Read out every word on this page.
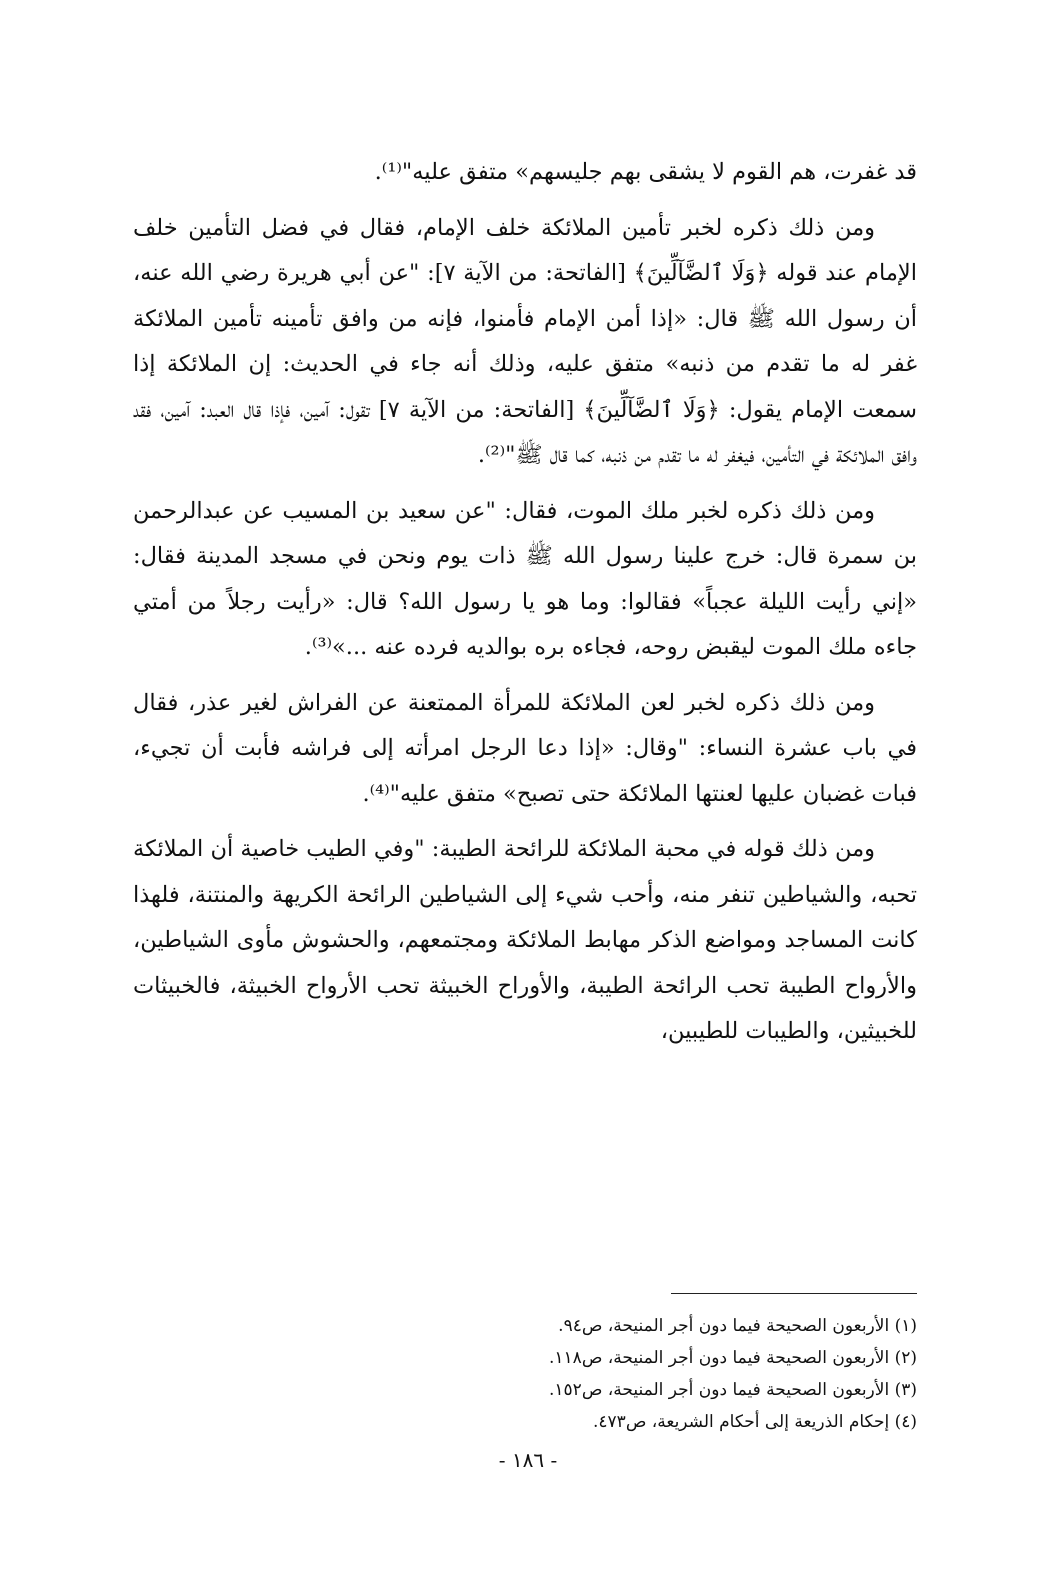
قد غفرت، هم القوم لا يشقى بهم جليسهم» متفق عليه"⁽¹⁾.

ومن ذلك ذكره لخبر تأمين الملائكة خلف الإمام، فقال في فضل التأمين خلف الإمام عند قوله ﴿وَلَا ٱلضَّآلِّينَ﴾ [الفاتحة: من الآية ٧]: "عن أبي هريرة رضي الله عنه، أن رسول الله ﷺ قال: «إذا أمن الإمام فأمنوا، فإنه من وافق تأمينه تأمين الملائكة غفر له ما تقدم من ذنبه» متفق عليه، وذلك أنه جاء في الحديث: إن الملائكة إذا سمعت الإمام يقول: ﴿وَلَا ٱلضَّآلِّينَ﴾ [الفاتحة: من الآية ٧] تقول: آمين، فإذا قال العبد: آمين، فقد وافق الملائكة في التأمين، فيغفر له ما تقدم من ذنبه، كما قال ﷺ"⁽²⁾.

ومن ذلك ذكره لخبر ملك الموت، فقال: "عن سعيد بن المسيب عن عبدالرحمن بن سمرة قال: خرج علينا رسول الله ﷺ ذات يوم ونحن في مسجد المدينة فقال: «إني رأيت الليلة عجباً» فقالوا: وما هو يا رسول الله؟ قال: «رأيت رجلاً من أمتي جاءه ملك الموت ليقبض روحه، فجاءه بره بوالديه فرده عنه ...»⁽³⁾.

ومن ذلك ذكره لخبر لعن الملائكة للمرأة الممتعنة عن الفراش لغير عذر، فقال في باب عشرة النساء: "وقال: «إذا دعا الرجل امرأته إلى فراشه فأبت أن تجيء، فبات غضبان عليها لعنتها الملائكة حتى تصبح» متفق عليه"⁽⁴⁾.

ومن ذلك قوله في محبة الملائكة للرائحة الطيبة: "وفي الطيب خاصية أن الملائكة تحبه، والشياطين تنفر منه، وأحب شيء إلى الشياطين الرائحة الكريهة والمنتنة، فلهذا كانت المساجد ومواضع الذكر مهابط الملائكة ومجتمعهم، والحشوش مأوى الشياطين، والأرواح الطيبة تحب الرائحة الطيبة، والأوراح الخبيثة تحب الأرواح الخبيثة، فالخبيثات للخبيثين، والطيبات للطيبين،

(١) الأربعون الصحيحة فيما دون أجر المنيحة، ص٩٤.

(٢) الأربعون الصحيحة فيما دون أجر المنيحة، ص١١٨.

(٣) الأربعون الصحيحة فيما دون أجر المنيحة، ص١٥٢.

(٤) إحكام الذريعة إلى أحكام الشريعة، ص٤٧٣.

- ١٨٦ -
